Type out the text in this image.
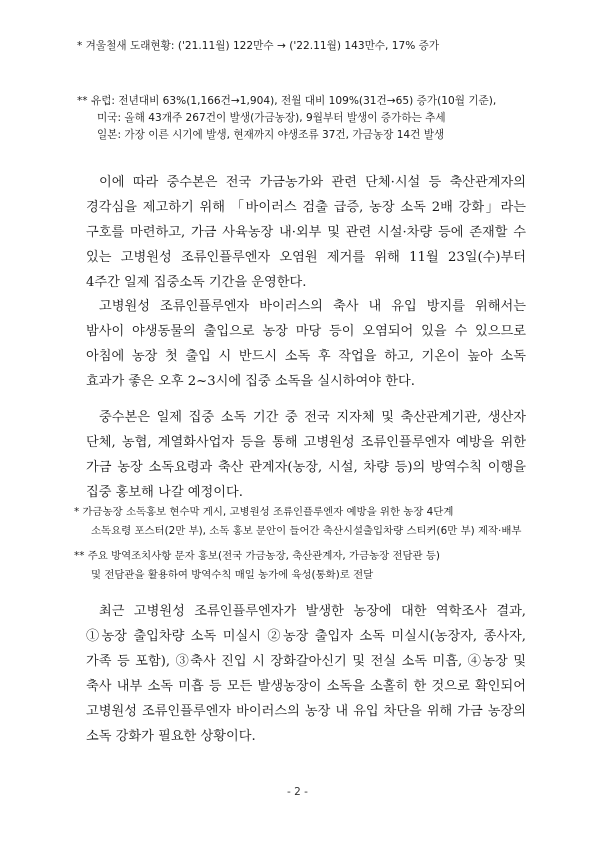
* 겨울철새 도래현황: ('21.11월) 122만수 → ('22.11월) 143만수, 17% 증가

** 유럽: 전년대비 63%(1,166건→1,904), 전월 대비 109%(31건→65) 증가(10월 기준),
미국: 올해 43개주 267건이 발생(가금농장), 9월부터 발생이 증가하는 추세
일본: 가장 이른 시기에 발생, 현재까지 야생조류 37건, 가금농장 14건 발생

이에 따라 중수본은 전국 가금농가와 관련 단체·시설 등 축산관계자의 경각심을 제고하기 위해 「바이러스 검출 급증, 농장 소독 2배 강화」라는 구호를 마련하고, 가금 사육농장 내·외부 및 관련 시설·차량 등에 존재할 수 있는 고병원성 조류인플루엔자 오염원 제거를 위해 11월 23일(수)부터 4주간 일제 집중소독 기간을 운영한다.

고병원성 조류인플루엔자 바이러스의 축사 내 유입 방지를 위해서는 밤사이 야생동물의 출입으로 농장 마당 등이 오염되어 있을 수 있으므로 아침에 농장 첫 출입 시 반드시 소독 후 작업을 하고, 기온이 높아 소독 효과가 좋은 오후 2~3시에 집중 소독을 실시하여야 한다.

중수본은 일제 집중 소독 기간 중 전국 지자체 및 축산관계기관, 생산자 단체, 농협, 계열화사업자 등을 통해 고병원성 조류인플루엔자 예방을 위한 가금 농장 소독요령과 축산 관계자(농장, 시설, 차량 등)의 방역수칙 이행을 집중 홍보해 나갈 예정이다.

* 가금농장 소독홍보 현수막 게시, 고병원성 조류인플루엔자 예방을 위한 농장 4단계
소독요령 포스터(2만 부), 소독 홍보 문안이 들어간 축산시설출입차량 스티커(6만 부) 제작·배부
** 주요 방역조치사항 문자 홍보(전국 가금농장, 축산관계자, 가금농장 전담관 등)
및 전담관을 활용하여 방역수칙 매일 농가에 육성(통화)로 전달

최근 고병원성 조류인플루엔자가 발생한 농장에 대한 역학조사 결과, ①농장 출입차량 소독 미실시 ②농장 출입자 소독 미실시(농장자, 종사자, 가족 등 포함), ③축사 진입 시 장화갈아신기 및 전실 소독 미흡, ④농장 및 축사 내부 소독 미흡 등 모든 발생농장이 소독을 소홀히 한 것으로 확인되어 고병원성 조류인플루엔자 바이러스의 농장 내 유입 차단을 위해 가금 농장의 소독 강화가 필요한 상황이다.

- 2 -
